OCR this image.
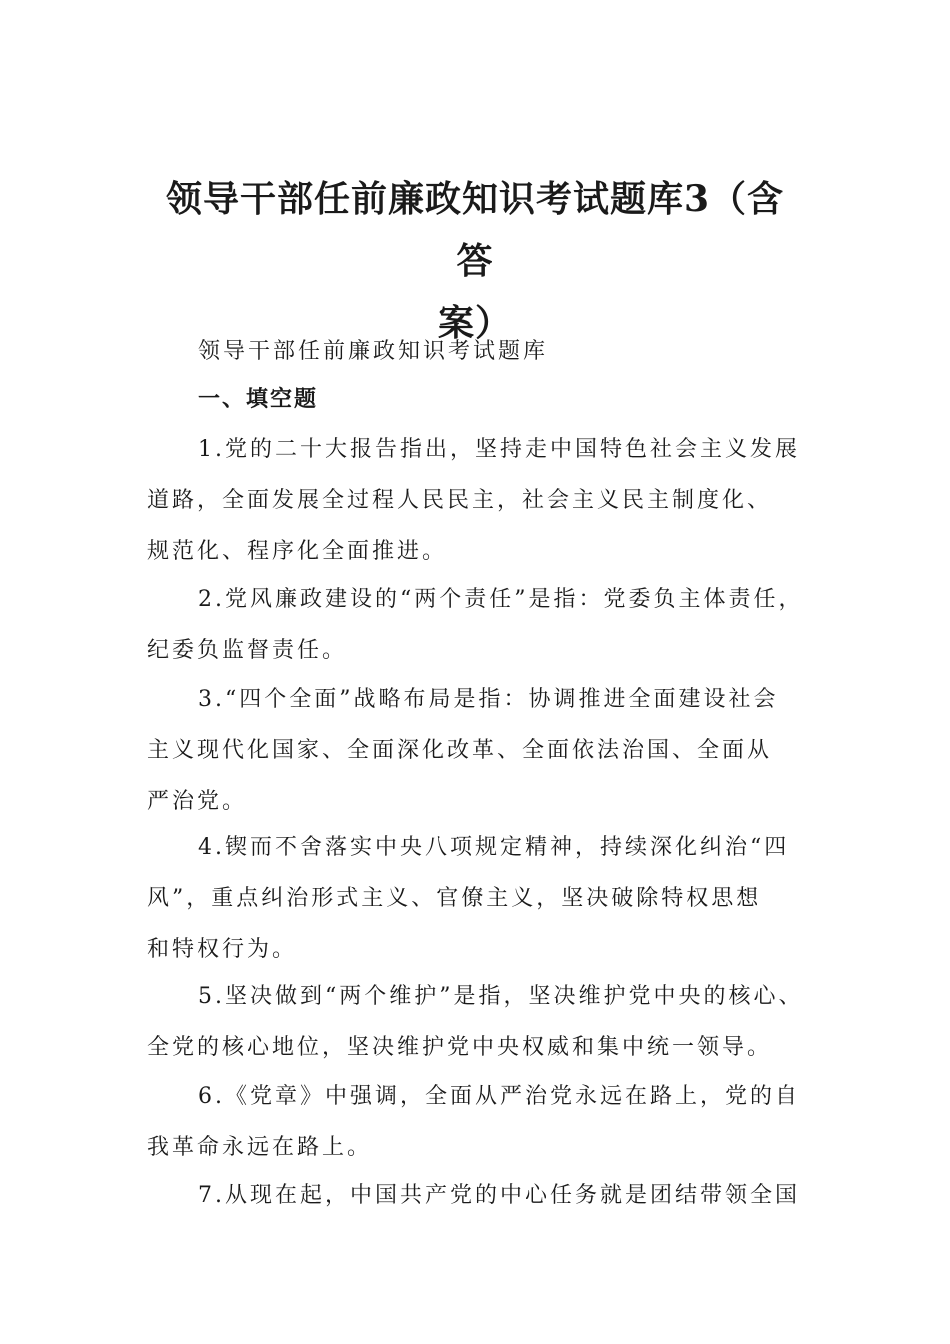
领导干部任前廉政知识考试题库3（含答
案）
领导干部任前廉政知识考试题库
一、填空题
1.党的二十大报告指出，坚持走中国特色社会主义发展
道路，全面发展全过程人民民主，社会主义民主制度化、
规范化、程序化全面推进。
2.党风廉政建设的“两个责任”是指：党委负主体责任，
纪委负监督责任。
3.“四个全面”战略布局是指：协调推进全面建设社会
主义现代化国家、全面深化改革、全面依法治国、全面从
严治党。
4.锲而不舍落实中央八项规定精神，持续深化纠治“四
风”，重点纠治形式主义、官僚主义，坚决破除特权思想
和特权行为。
5.坚决做到“两个维护”是指，坚决维护党中央的核心、
全党的核心地位，坚决维护党中央权威和集中统一领导。
6.《党章》中强调，全面从严治党永远在路上，党的自
我革命永远在路上。
7.从现在起，中国共产党的中心任务就是团结带领全国
